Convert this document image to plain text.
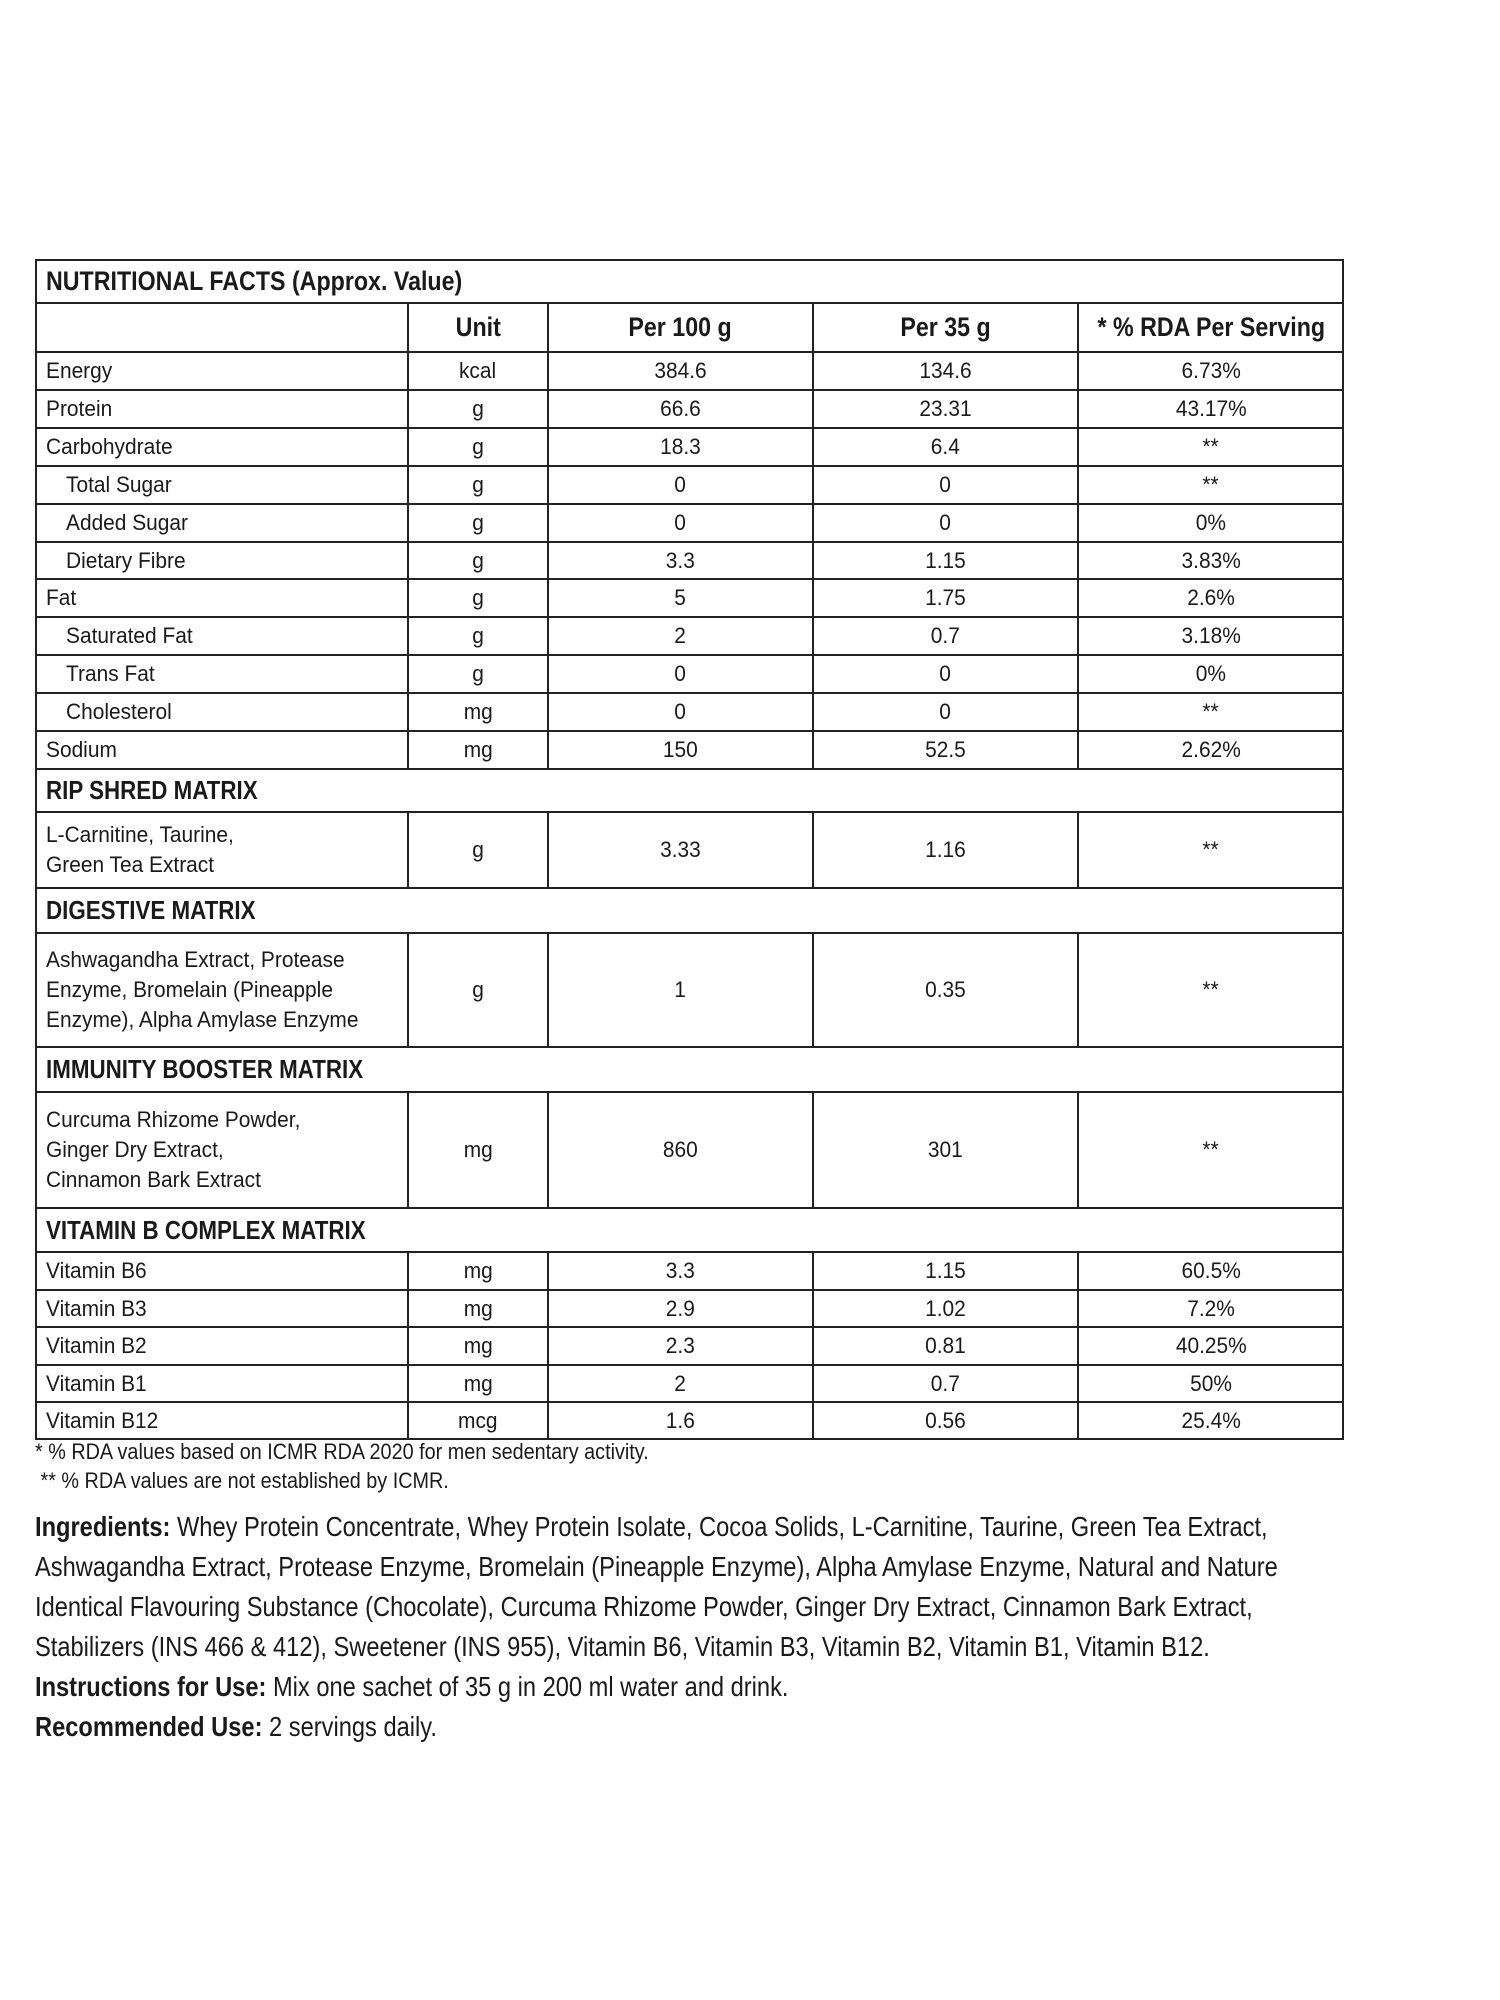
NUTRITIONAL FACTS (Approx. Value)
Unit	Per 100 g	Per 35 g	* % RDA Per Serving
Energy	kcal	384.6	134.6	6.73%
Protein	g	66.6	23.31	43.17%
Carbohydrate	g	18.3	6.4	**
Total Sugar	g	0	0	**
Added Sugar	g	0	0	0%
Dietary Fibre	g	3.3	1.15	3.83%
Fat	g	5	1.75	2.6%
Saturated Fat	g	2	0.7	3.18%
Trans Fat	g	0	0	0%
Cholesterol	mg	0	0	**
Sodium	mg	150	52.5	2.62%
RIP SHRED MATRIX
L-Carnitine, Taurine,
Green Tea Extract
g	3.33	1.16	**
DIGESTIVE MATRIX
Ashwagandha Extract, Protease
Enzyme, Bromelain (Pineapple
Enzyme), Alpha Amylase Enzyme
g	1	0.35	**
IMMUNITY BOOSTER MATRIX
Curcuma Rhizome Powder,
Ginger Dry Extract,
Cinnamon Bark Extract
mg	860	301	**
VITAMIN B COMPLEX MATRIX
Vitamin B6	mg	3.3	1.15	60.5%
Vitamin B3	mg	2.9	1.02	7.2%
Vitamin B2	mg	2.3	0.81	40.25%
Vitamin B1	mg	2	0.7	50%
Vitamin B12	mcg	1.6	0.56	25.4%
* % RDA values based on ICMR RDA 2020 for men sedentary activity.
** % RDA values are not established by ICMR.
Ingredients: Whey Protein Concentrate, Whey Protein Isolate, Cocoa Solids, L-Carnitine, Taurine, Green Tea Extract,
Ashwagandha Extract, Protease Enzyme, Bromelain (Pineapple Enzyme), Alpha Amylase Enzyme, Natural and Nature
Identical Flavouring Substance (Chocolate), Curcuma Rhizome Powder, Ginger Dry Extract, Cinnamon Bark Extract,
Stabilizers (INS 466 & 412), Sweetener (INS 955), Vitamin B6, Vitamin B3, Vitamin B2, Vitamin B1, Vitamin B12.
Instructions for Use: Mix one sachet of 35 g in 200 ml water and drink.
Recommended Use: 2 servings daily.
